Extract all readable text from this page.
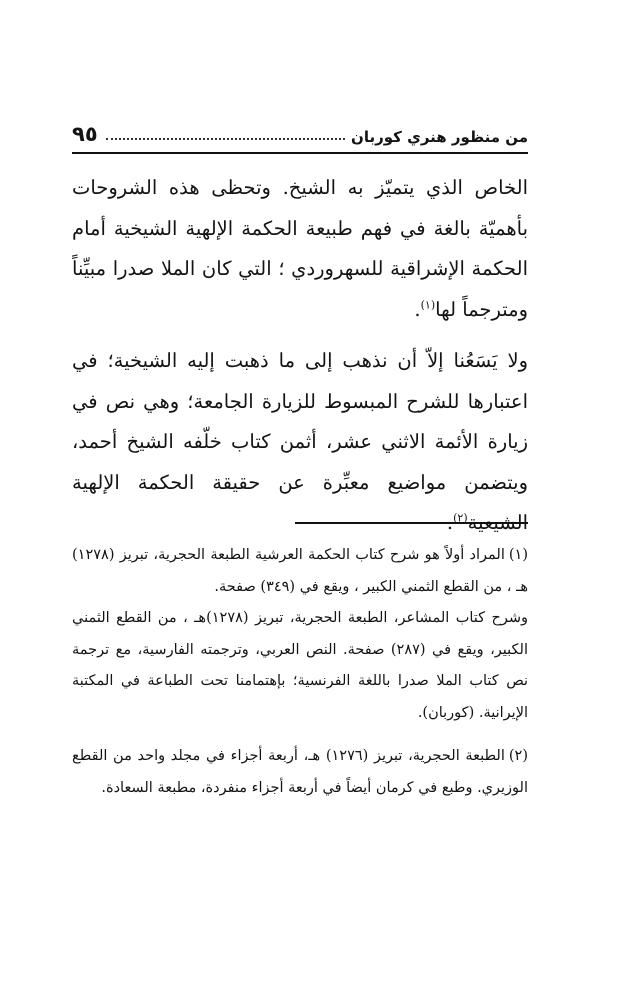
من منظور هنري كوربان
٩٥

الخاص الذي يتميّز به الشيخ. وتحظى هذه الشروحات بأهميّة بالغة في فهم طبيعة الحكمة الإلهية الشيخية أمام الحكمة الإشراقية للسهروردي ؛ التي كان الملا صدرا مبيِّناً ومترجماً لها$^{(١)}$.

ولا يَسَعُنا إلاّ أن نذهب إلى ما ذهبت إليه الشيخية؛ في اعتبارها للشرح المبسوط للزيارة الجامعة؛ وهي نص في زيارة الأئمة الاثني عشر، أثمن كتاب خلّفه الشيخ أحمد، ويتضمن مواضيع معبِّرة عن حقيقة الحكمة الإلهية الشيعية$^{(٢)}$.

(١)المراد أولاً هو شرح كتاب الحكمة العرشية الطبعة الحجرية، تبريز (١٢٧٨) هـ ، من القطع الثمني الكبير ، ويقع في (٣٤٩) صفحة.

وشرح كتاب المشاعر، الطبعة الحجرية، تبريز (١٢٧٨)هـ ، من القطع الثمني الكبير، ويقع في (٢٨٧) صفحة. النص العربي، وترجمته الفارسية، مع ترجمة نص كتاب الملا صدرا باللغة الفرنسية؛ بإهتمامنا تحت الطباعة في المكتبة الإيرانية. (كوربان).

(٢)الطبعة الحجرية، تبريز (١٢٧٦) هـ، أربعة أجزاء في مجلد واحد من القطع الوزيري. وطبع في كرمان أيضاً في أربعة أجزاء منفردة، مطبعة السعادة.
